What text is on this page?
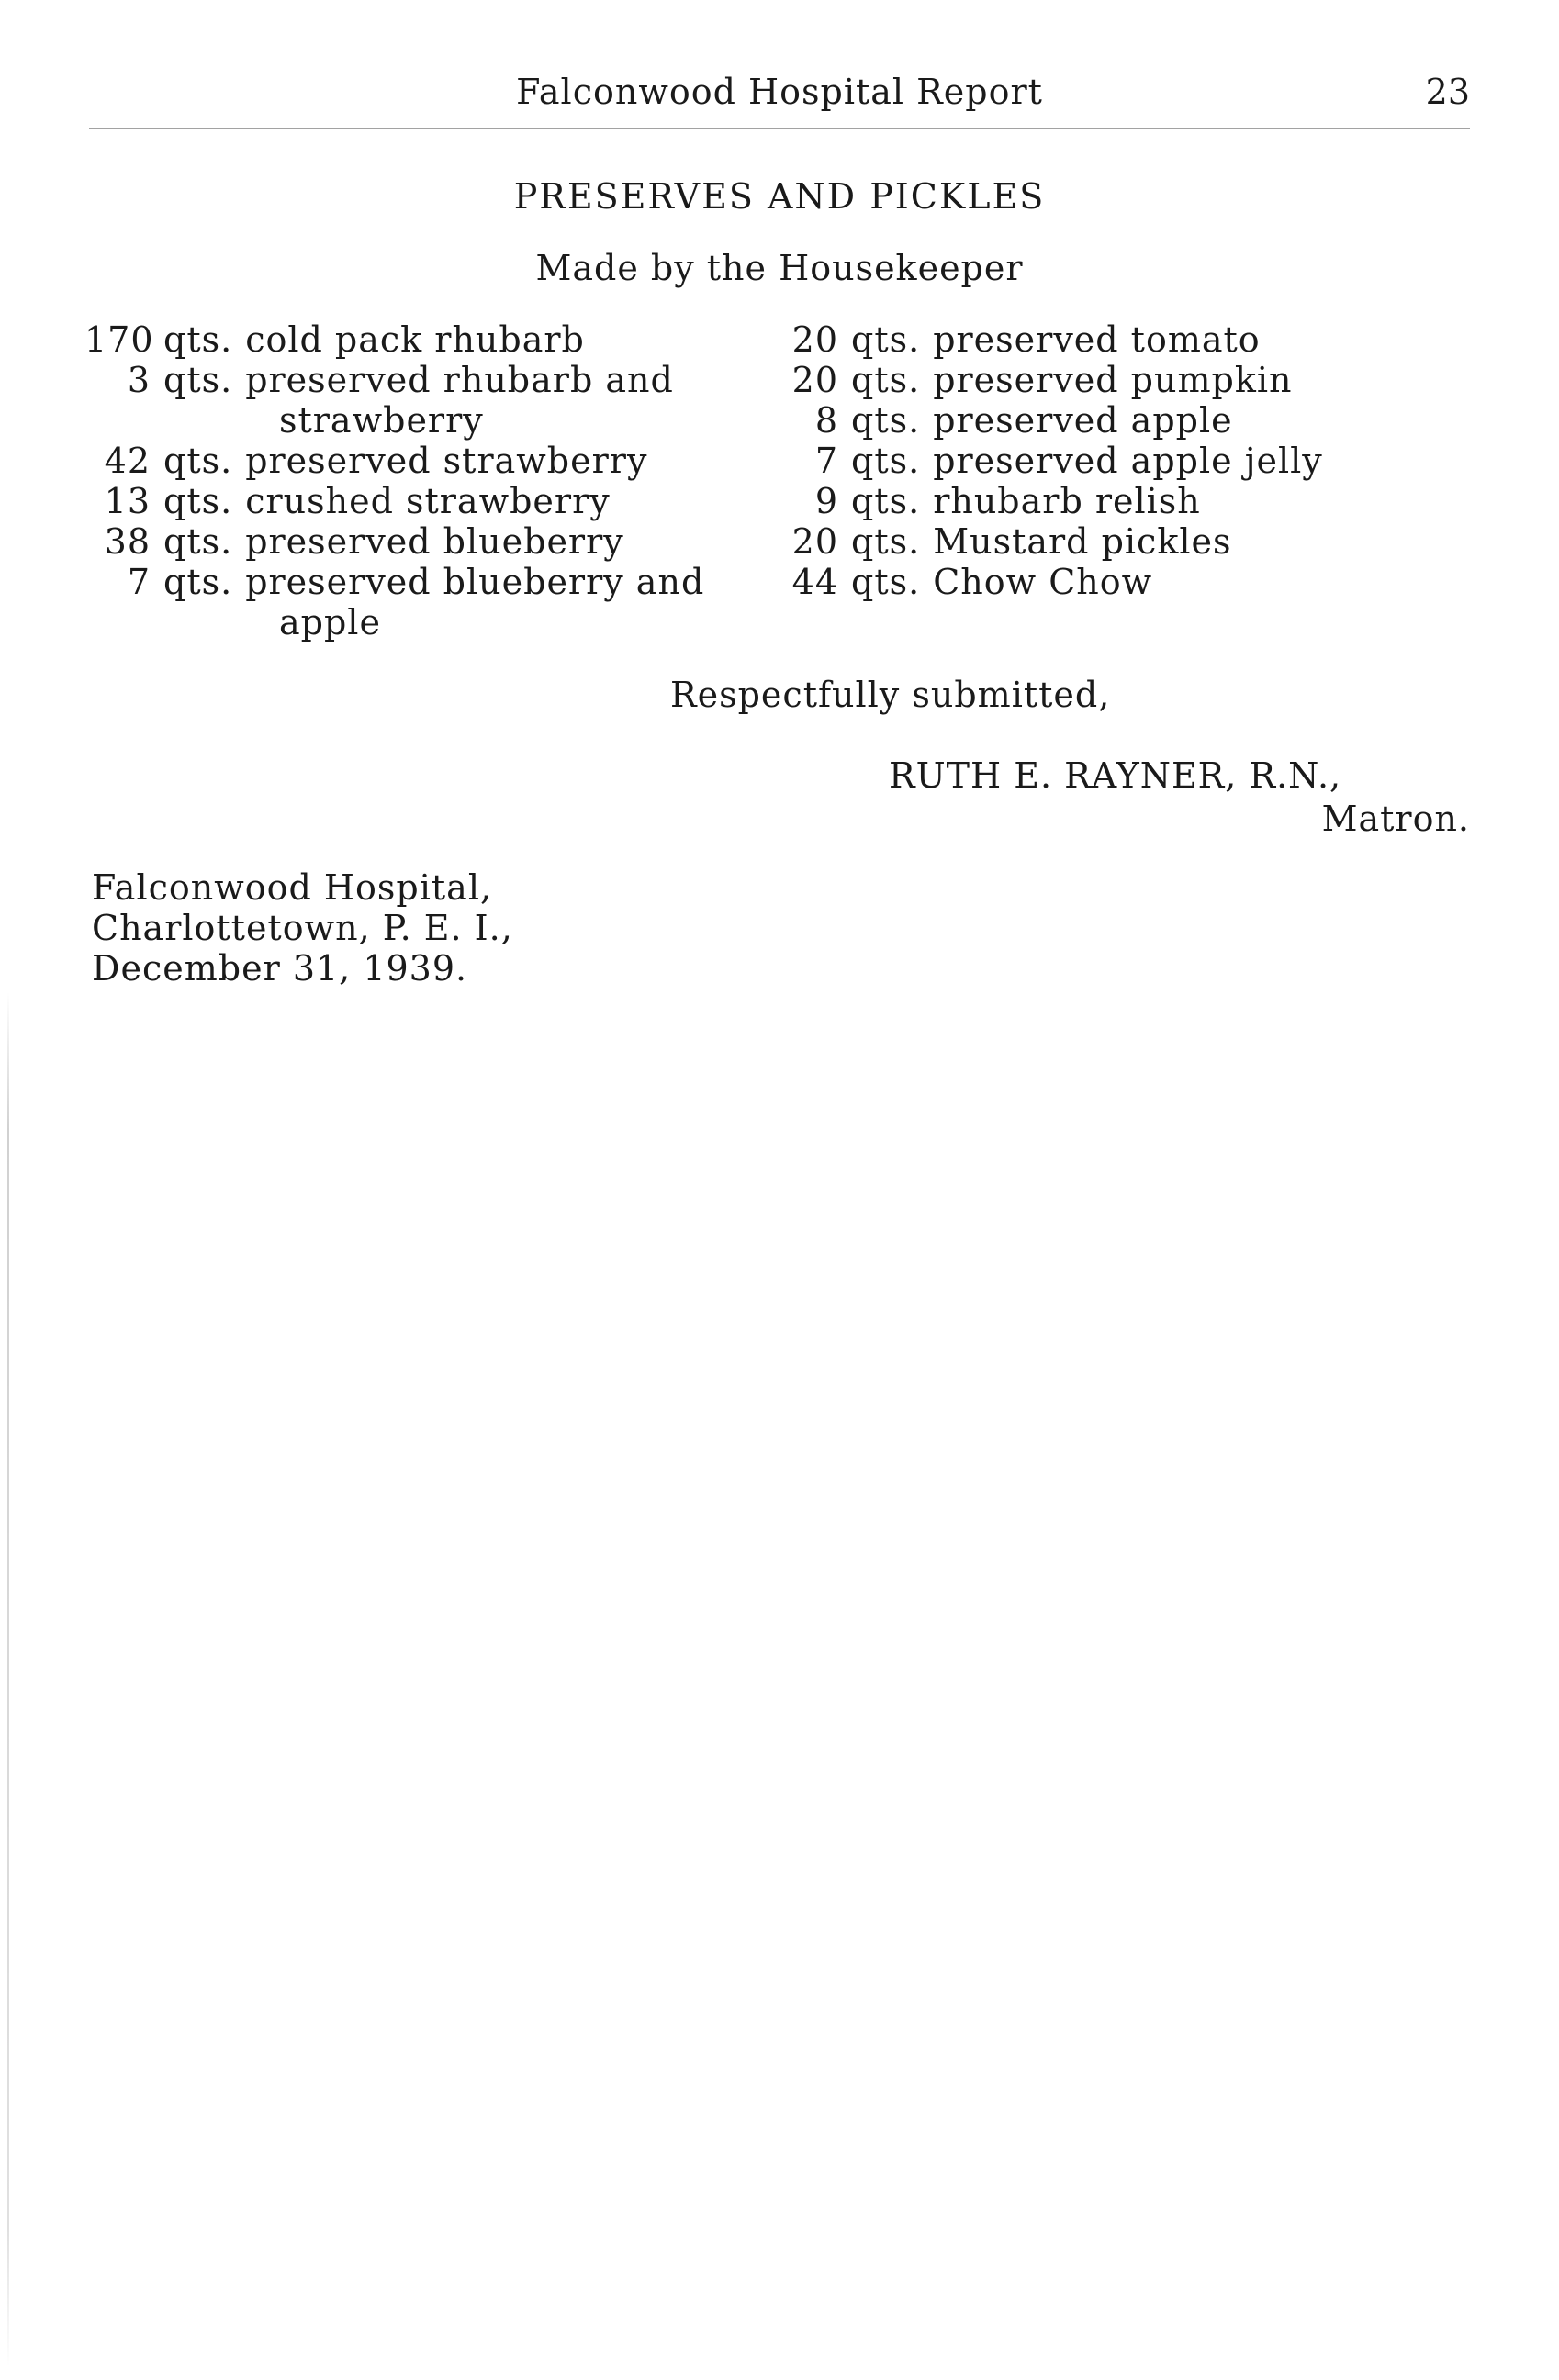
Falconwood Hospital Report	23
PRESERVES AND PICKLES
Made by the Housekeeper
170 qts. cold pack rhubarb
3 qts. preserved rhubarb and
strawberry
42 qts. preserved strawberry
13 qts. crushed strawberry
38 qts. preserved blueberry
7 qts. preserved blueberry and
apple
20 qts. preserved tomato
20 qts. preserved pumpkin
8 qts. preserved apple
7 qts. preserved apple jelly
9 qts. rhubarb relish
20 qts. Mustard pickles
44 qts. Chow Chow
Respectfully submitted,
RUTH E. RAYNER, R.N.,
Matron.
Falconwood Hospital,
Charlottetown, P. E. I.,
December 31, 1939.
